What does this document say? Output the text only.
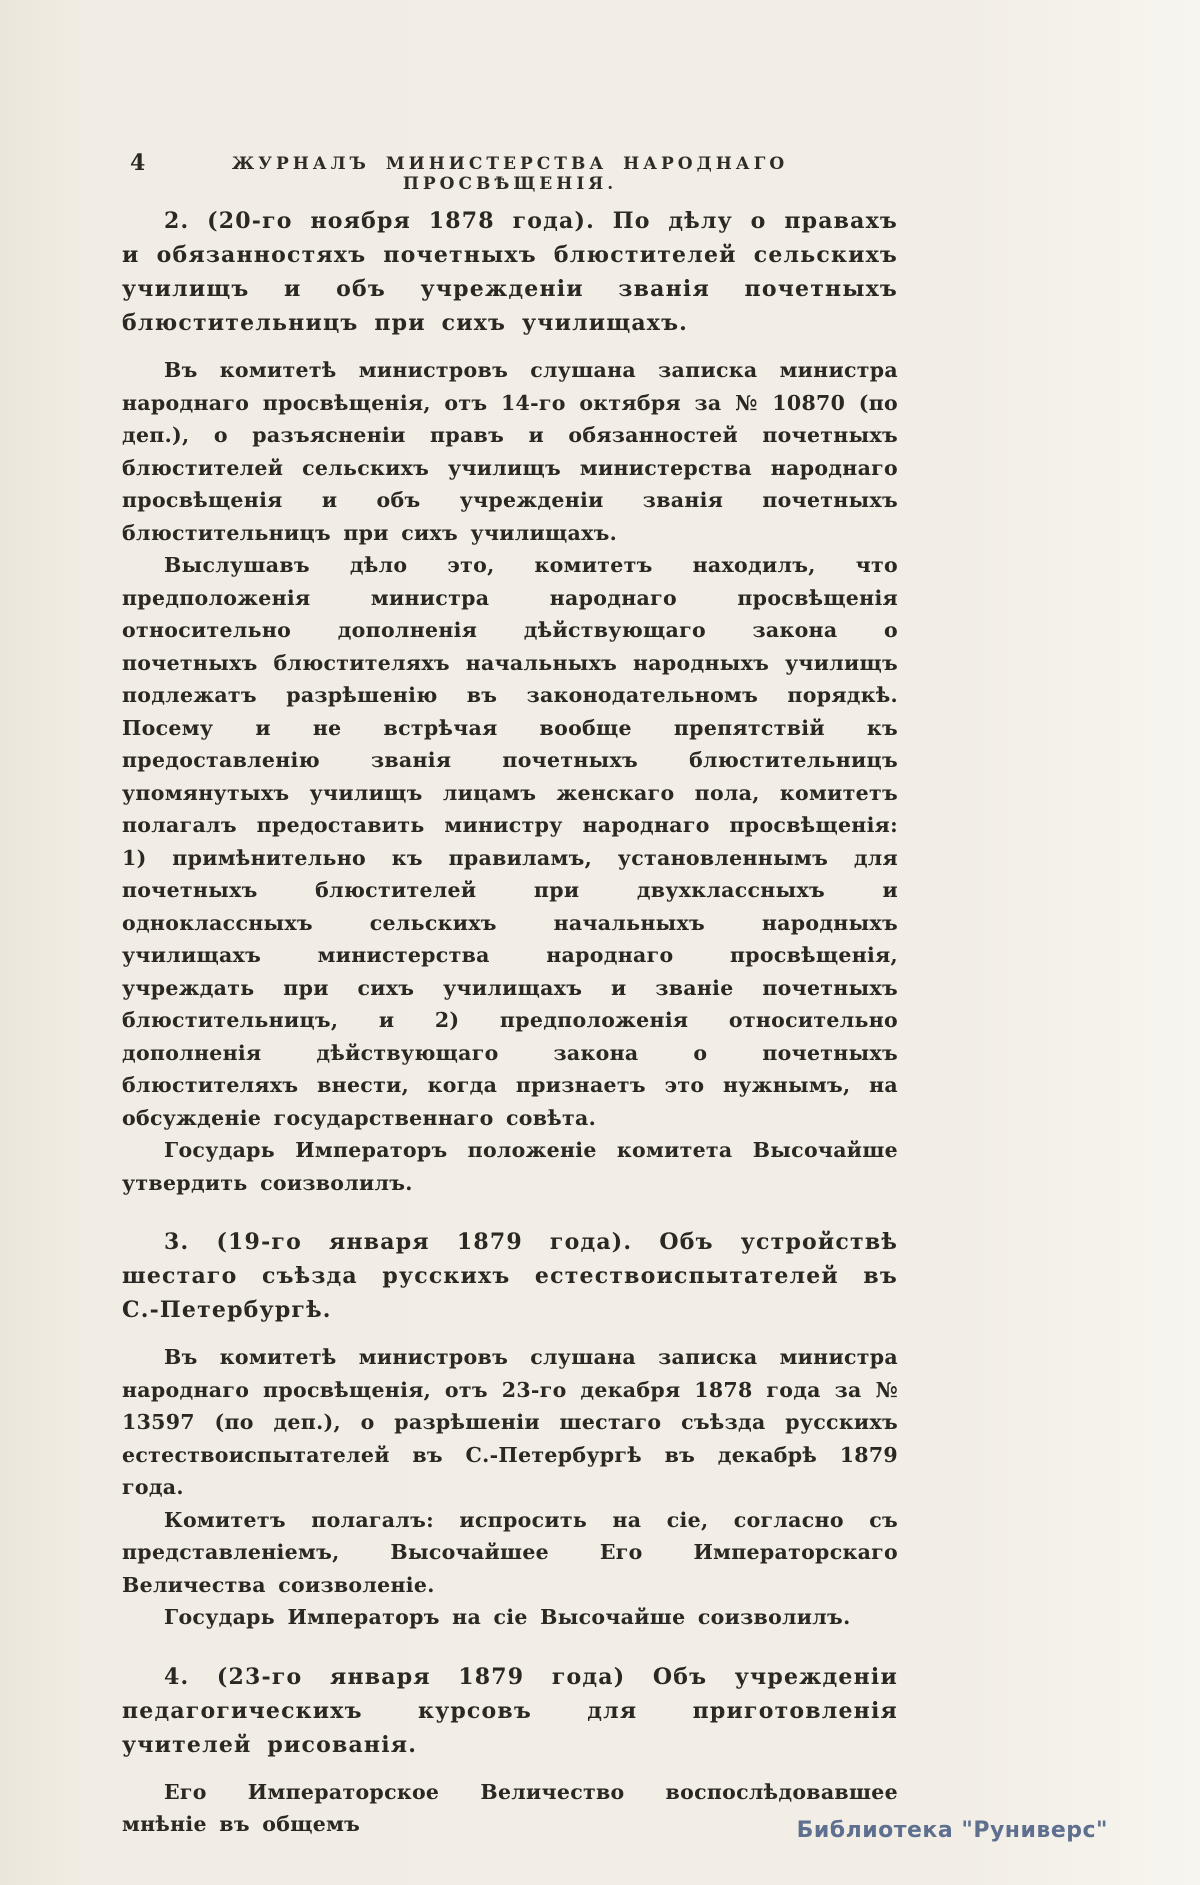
4	ЖУРНАЛЪ МИНИСТЕРСТВА НАРОДНАГО ПРОСВѢЩЕНІЯ.

2. (20-го ноября 1878 года). По дѣлу о правахъ и обязанностяхъ почетныхъ блюстителей сельскихъ училищъ и объ учрежденіи званія почетныхъ блюстительницъ при сихъ училищахъ.

Въ комитетѣ министровъ слушана записка министра народнаго просвѣщенія, отъ 14-го октября за № 10870 (по деп.), о разъясненіи правъ и обязанностей почетныхъ блюстителей сельскихъ училищъ министерства народнаго просвѣщенія и объ учрежденіи званія почетныхъ блюстительницъ при сихъ училищахъ.

Выслушавъ дѣло это, комитетъ находилъ, что предположенія министра народнаго просвѣщенія относительно дополненія дѣйствующаго закона о почетныхъ блюстителяхъ начальныхъ народныхъ училищъ подлежатъ разрѣшенію въ законодательномъ порядкѣ. Посему и не встрѣчая вообще препятствій къ предоставленію званія почетныхъ блюстительницъ упомянутыхъ училищъ лицамъ женскаго пола, комитетъ полагалъ предоставить министру народнаго просвѣщенія: 1) примѣнительно къ правиламъ, установленнымъ для почетныхъ блюстителей при двухклассныхъ и одноклассныхъ сельскихъ начальныхъ народныхъ училищахъ министерства народнаго просвѣщенія, учреждать при сихъ училищахъ и званіе почетныхъ блюстительницъ, и 2) предположенія относительно дополненія дѣйствующаго закона о почетныхъ блюстителяхъ внести, когда признаетъ это нужнымъ, на обсужденіе государственнаго совѣта.

Государь Императоръ положеніе комитета Высочайше утвердить соизволилъ.

3. (19-го января 1879 года). Объ устройствѣ шестаго съѣзда русскихъ естествоиспытателей въ С.-Петербургѣ.

Въ комитетѣ министровъ слушана записка министра народнаго просвѣщенія, отъ 23-го декабря 1878 года за № 13597 (по деп.), о разрѣшеніи шестаго съѣзда русскихъ естествоиспытателей въ С.-Петербургѣ въ декабрѣ 1879 года.

Комитетъ полагалъ: испросить на сіе, согласно съ представленіемъ, Высочайшее Его Императорскаго Величества соизволеніе.

Государь Императоръ на сіе Высочайше соизволилъ.

4. (23-го января 1879 года) Объ учрежденіи педагогическихъ курсовъ для приготовленія учителей рисованія.

Его Императорское Величество воспослѣдовавшее мнѣніе въ общемъ	Библиотека "Руниверс"
